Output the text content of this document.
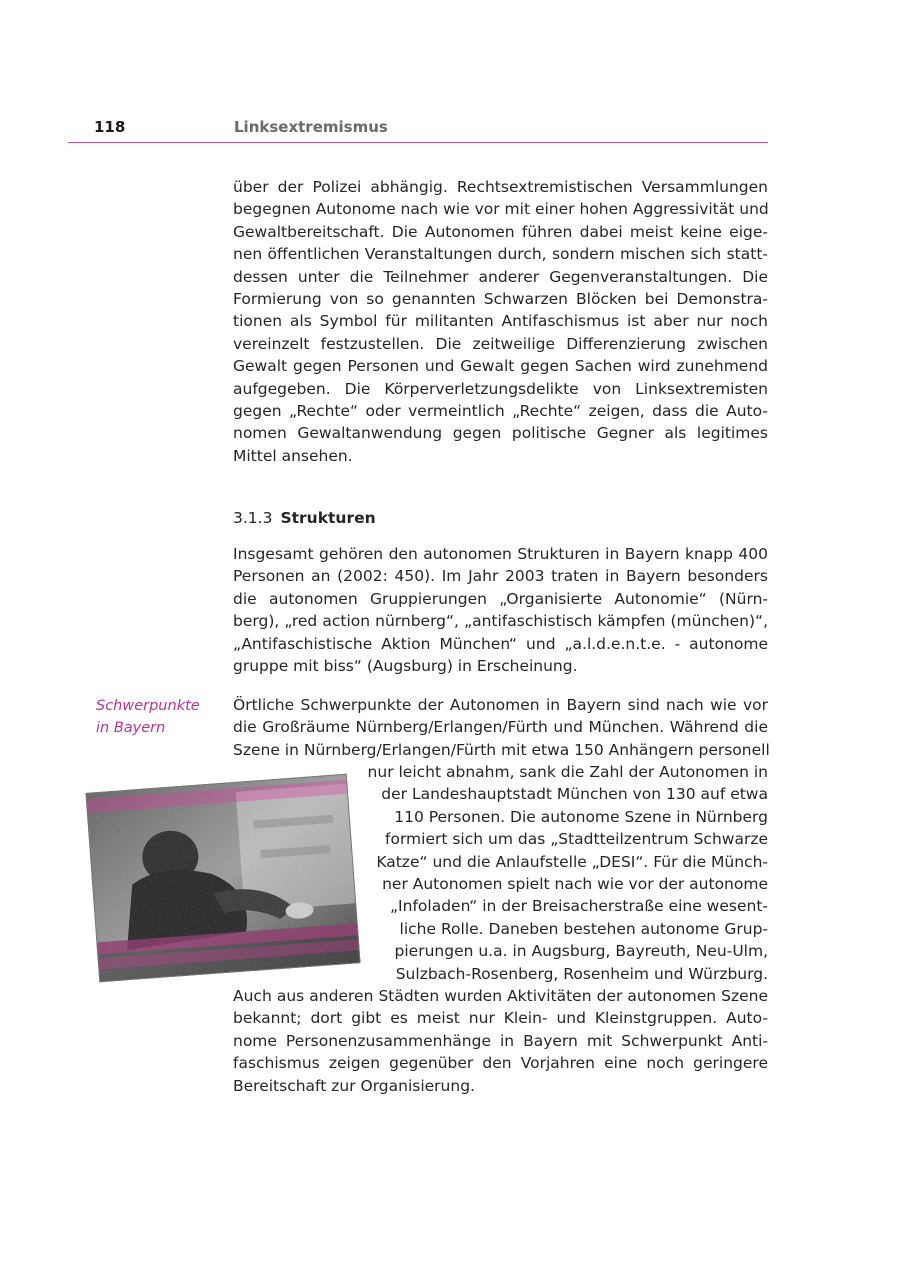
118	Linksextremismus
über der Polizei abhängig. Rechtsextremistischen Versammlungen
begegnen Autonome nach wie vor mit einer hohen Aggressivität und
Gewaltbereitschaft. Die Autonomen führen dabei meist keine eige-
nen öffentlichen Veranstaltungen durch, sondern mischen sich statt-
dessen unter die Teilnehmer anderer Gegenveranstaltungen. Die
Formierung von so genannten Schwarzen Blöcken bei Demonstra-
tionen als Symbol für militanten Antifaschismus ist aber nur noch
vereinzelt festzustellen. Die zeitweilige Differenzierung zwischen
Gewalt gegen Personen und Gewalt gegen Sachen wird zunehmend
aufgegeben. Die Körperverletzungsdelikte von Linksextremisten
gegen „Rechte“ oder vermeintlich „Rechte“ zeigen, dass die Auto-
nomen Gewaltanwendung gegen politische Gegner als legitimes
Mittel ansehen.
3.1.3 Strukturen
Insgesamt gehören den autonomen Strukturen in Bayern knapp 400
Personen an (2002: 450). Im Jahr 2003 traten in Bayern besonders
die autonomen Gruppierungen „Organisierte Autonomie“ (Nürn-
berg), „red action nürnberg“, „antifaschistisch kämpfen (münchen)“,
„Antifaschistische Aktion München“ und „a.l.d.e.n.t.e. - autonome
gruppe mit biss“ (Augsburg) in Erscheinung.
Schwerpunkte
in Bayern
Örtliche Schwerpunkte der Autonomen in Bayern sind nach wie vor
die Großräume Nürnberg/Erlangen/Fürth und München. Während die
Szene in Nürnberg/Erlangen/Fürth mit etwa 150 Anhängern personell
nur leicht abnahm, sank die Zahl der Autonomen in
der Landeshauptstadt München von 130 auf etwa
110 Personen. Die autonome Szene in Nürnberg
formiert sich um das „Stadtteilzentrum Schwarze
Katze“ und die Anlaufstelle „DESI“. Für die Münch-
ner Autonomen spielt nach wie vor der autonome
„Infoladen“ in der Breisacherstraße eine wesent-
liche Rolle. Daneben bestehen autonome Grup-
pierungen u.a. in Augsburg, Bayreuth, Neu-Ulm,
Sulzbach-Rosenberg, Rosenheim und Würzburg.
Auch aus anderen Städten wurden Aktivitäten der autonomen Szene
bekannt; dort gibt es meist nur Klein- und Kleinstgruppen. Auto-
nome Personenzusammenhänge in Bayern mit Schwerpunkt Anti-
faschismus zeigen gegenüber den Vorjahren eine noch geringere
Bereitschaft zur Organisierung.
